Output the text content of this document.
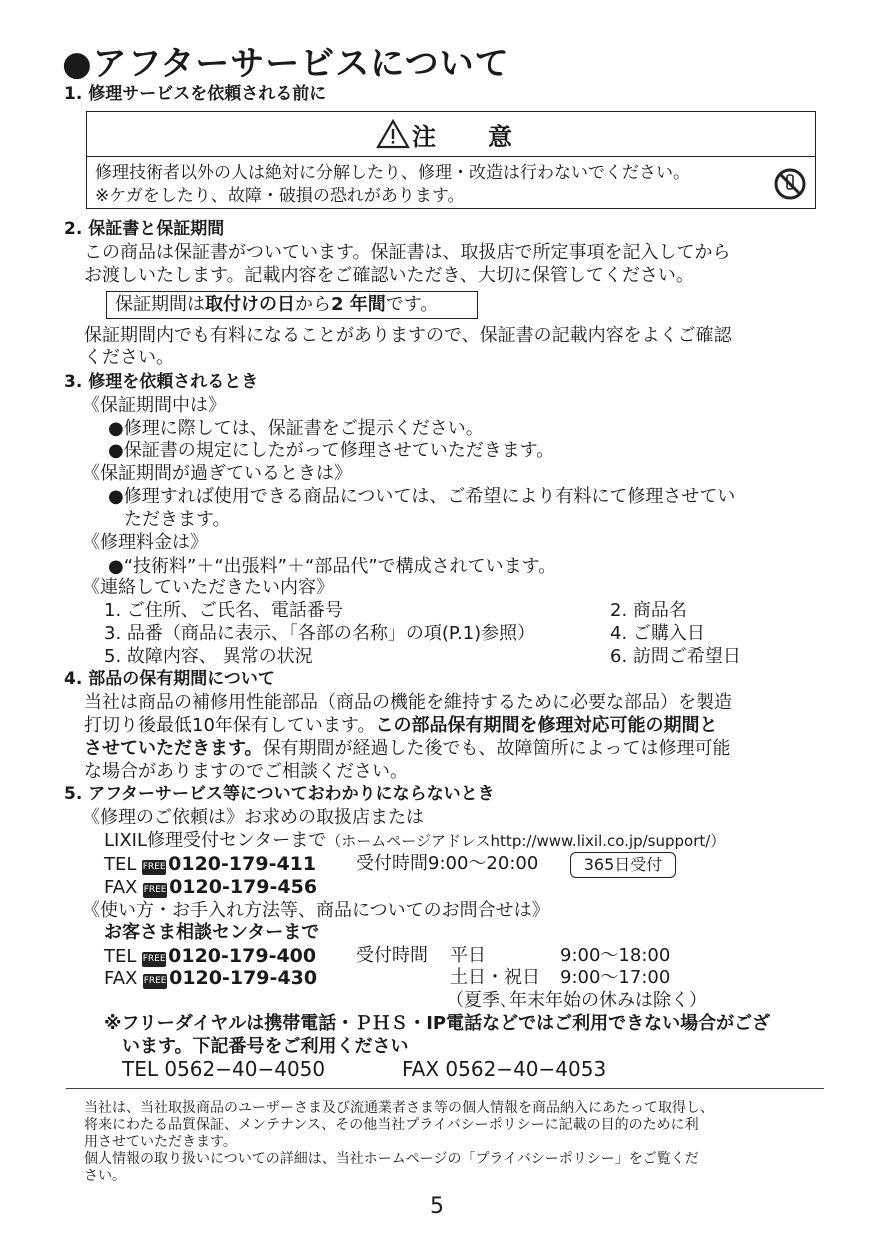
●アフターサービスについて
1. 修理サービスを依頼される前に
注　意
修理技術者以外の人は絶対に分解したり、修理・改造は行わないでください。
※ケガをしたり、故障・破損の恐れがあります。
2. 保証書と保証期間
この商品は保証書がついています。保証書は、取扱店で所定事項を記入してから
お渡しいたします。記載内容をご確認いただき、大切に保管してください。
保証期間は取付けの日から2 年間です。
保証期間内でも有料になることがありますので、保証書の記載内容をよくご確認
ください。
3. 修理を依頼されるとき
《保証期間中は》
●修理に際しては、保証書をご提示ください。
●保証書の規定にしたがって修理させていただきます。
《保証期間が過ぎているときは》
●修理すれば使用できる商品については、ご希望により有料にて修理させてい
ただきます。
《修理料金は》
●“技術料”＋“出張料”＋“部品代”で構成されています。
《連絡していただきたい内容》
1. ご住所、ご氏名、電話番号	2. 商品名
3. 品番（商品に表示、「各部の名称」の項(P.1)参照）	4. ご購入日
5. 故障内容、 異常の状況	6. 訪問ご希望日
4. 部品の保有期間について
当社は商品の補修用性能部品（商品の機能を維持するために必要な部品）を製造
打切り後最低10年保有しています。この部品保有期間を修理対応可能の期間と
させていただきます。保有期間が経過した後でも、故障箇所によっては修理可能
な場合がありますのでご相談ください。
5. アフターサービス等についておわかりにならないとき
《修理のご依頼は》お求めの取扱店または
LIXIL修理受付センターまで（ホームページアドレスhttp://www.lixil.co.jp/support/）
TEL FREE 0120-179-411 受付時間9:00～20:00	365日受付
FAX FREE 0120-179-456
《使い方・お手入れ方法等、商品についてのお問合せは》
お客さま相談センターまで
TEL FREE 0120-179-400 受付時間 平日	9:00～18:00
FAX FREE 0120-179-430	土日・祝日 9:00～17:00
（夏季､年末年始の休みは除く）
※フリーダイヤルは携帯電話・ＰＨＳ・IP電話などではご利用できない場合がござ
います。下記番号をご利用ください
TEL 0562−40−4050	FAX 0562−40−4053
当社は、当社取扱商品のユーザーさま及び流通業者さま等の個人情報を商品納入にあたって取得し、
将来にわたる品質保証、メンテナンス、その他当社プライバシーポリシーに記載の目的のために利
用させていただきます。
個人情報の取り扱いについての詳細は、当社ホームページの「プライバシーポリシー」をご覧くだ
さい。
5
